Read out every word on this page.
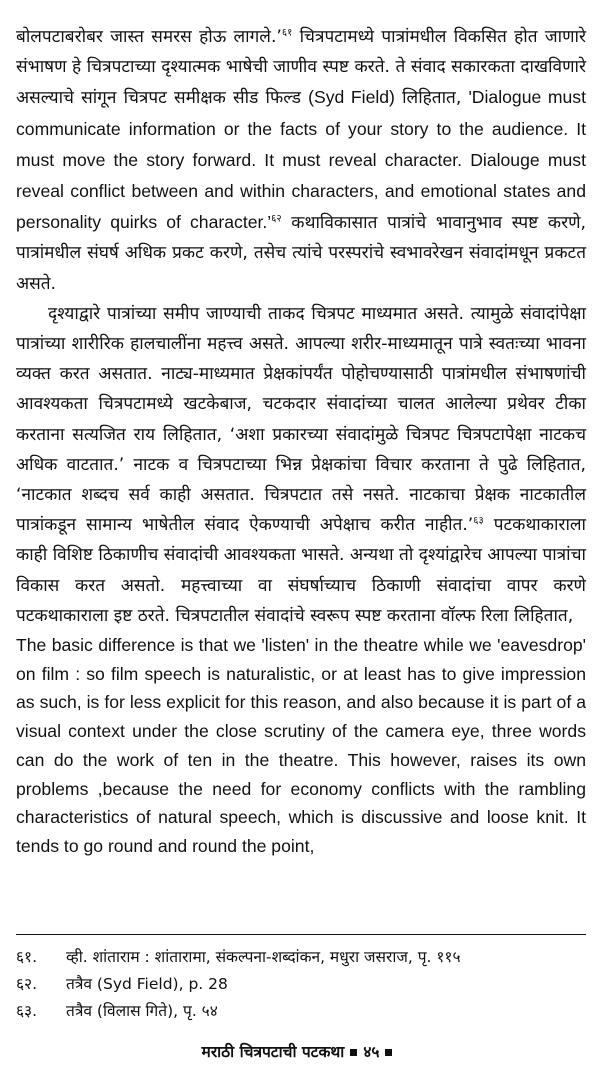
बोलपटाबरोबर जास्त समरस होऊ लागले.’$^{६१}$ चित्रपटामध्ये पात्रांमधील विकसित होत जाणारे संभाषण हे चित्रपटाच्या दृश्यात्मक भाषेची जाणीव स्पष्ट करते. ते संवाद सकारकता दाखविणारे असल्याचे सांगून चित्रपट समीक्षक सीड फिल्ड (Syd Field) लिहितात, 'Dialogue must communicate information or the facts of your story to the audience. It must move the story forward. It must reveal character. Dialouge must reveal conflict between and within characters, and emotional states and personality quirks of character.’$^{६२}$ कथाविकासात पात्रांचे भावानुभाव स्पष्ट करणे, पात्रांमधील संघर्ष अधिक प्रकट करणे, तसेच त्यांचे परस्परांचे स्वभावरेखन संवादांमधून प्रकटत असते.

दृश्याद्वारे पात्रांच्या समीप जाण्याची ताकद चित्रपट माध्यमात असते. त्यामुळे संवादांपेक्षा पात्रांच्या शारीरिक हालचालींना महत्त्व असते. आपल्या शरीर-माध्यमातून पात्रे स्वतःच्या भावना व्यक्त करत असतात. नाट्य-माध्यमात प्रेक्षकांपर्यंत पोहोचण्यासाठी पात्रांमधील संभाषणांची आवश्यकता चित्रपटामध्ये खटकेबाज, चटकदार संवादांच्या चालत आलेल्या प्रथेवर टीका करताना सत्यजित राय लिहितात, ‘अशा प्रकारच्या संवादांमुळे चित्रपट चित्रपटापेक्षा नाटकच अधिक वाटतात.’ नाटक व चित्रपटाच्या भिन्न प्रेक्षकांचा विचार करताना ते पुढे लिहितात, ‘नाटकात शब्दच सर्व काही असतात. चित्रपटात तसे नसते. नाटकाचा प्रेक्षक नाटकातील पात्रांकडून सामान्य भाषेतील संवाद ऐकण्याची अपेक्षाच करीत नाहीत.’$^{६३}$ पटकथाकाराला काही विशिष्ट ठिकाणीच संवादांची आवश्यकता भासते. अन्यथा तो दृश्यांद्वारेच आपल्या पात्रांचा विकास करत असतो. महत्त्वाच्या वा संघर्षाच्याच ठिकाणी संवादांचा वापर करणे पटकथाकाराला इष्ट ठरते. चित्रपटातील संवादांचे स्वरूप स्पष्ट करताना वॉल्फ रिला लिहितात,

The basic difference is that we 'listen' in the theatre while we 'eavesdrop' on film : so film speech is naturalistic, or at least has to give impression as such, is for less explicit for this reason, and also because it is part of a visual context under the close scrutiny of the camera eye, three words can do the work of ten in the theatre. This however, raises its own problems ,because the need for economy conflicts with the rambling characteristics of natural speech, which is discussive and loose knit. It tends to go round and round the point,

६१.	व्ही. शांताराम : शांतारामा, संकल्पना-शब्दांकन, मधुरा जसराज, पृ. ११५
६२.	तत्रैव (Syd Field), p. 28
६३.	तत्रैव (विलास गिते), पृ. ५४
मराठी चित्रपटाची पटकथा ४५
